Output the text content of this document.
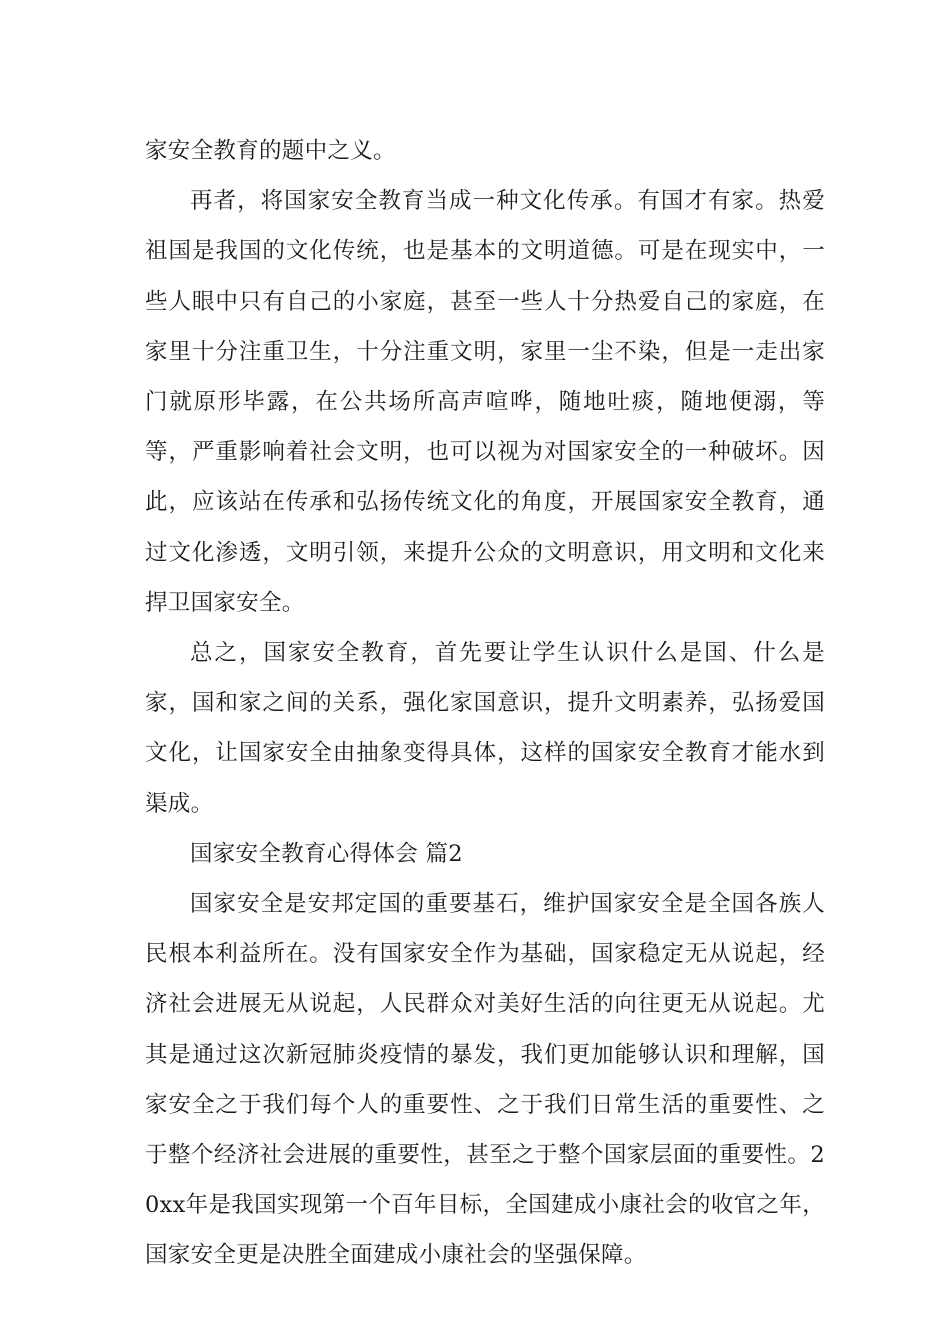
家安全教育的题中之义。

再者，将国家安全教育当成一种文化传承。有国才有家。热爱祖国是我国的文化传统，也是基本的文明道德。可是在现实中，一些人眼中只有自己的小家庭，甚至一些人十分热爱自己的家庭，在家里十分注重卫生，十分注重文明，家里一尘不染，但是一走出家门就原形毕露，在公共场所高声喧哗，随地吐痰，随地便溺，等等，严重影响着社会文明，也可以视为对国家安全的一种破坏。因此，应该站在传承和弘扬传统文化的角度，开展国家安全教育，通过文化渗透，文明引领，来提升公众的文明意识，用文明和文化来捍卫国家安全。

总之，国家安全教育，首先要让学生认识什么是国、什么是家，国和家之间的关系，强化家国意识，提升文明素养，弘扬爱国文化，让国家安全由抽象变得具体，这样的国家安全教育才能水到渠成。

国家安全教育心得体会 篇2

国家安全是安邦定国的重要基石，维护国家安全是全国各族人民根本利益所在。没有国家安全作为基础，国家稳定无从说起，经济社会进展无从说起，人民群众对美好生活的向往更无从说起。尤其是通过这次新冠肺炎疫情的暴发，我们更加能够认识和理解，国家安全之于我们每个人的重要性、之于我们日常生活的重要性、之于整个经济社会进展的重要性，甚至之于整个国家层面的重要性。20xx年是我国实现第一个百年目标，全国建成小康社会的收官之年，国家安全更是决胜全面建成小康社会的坚强保障。
